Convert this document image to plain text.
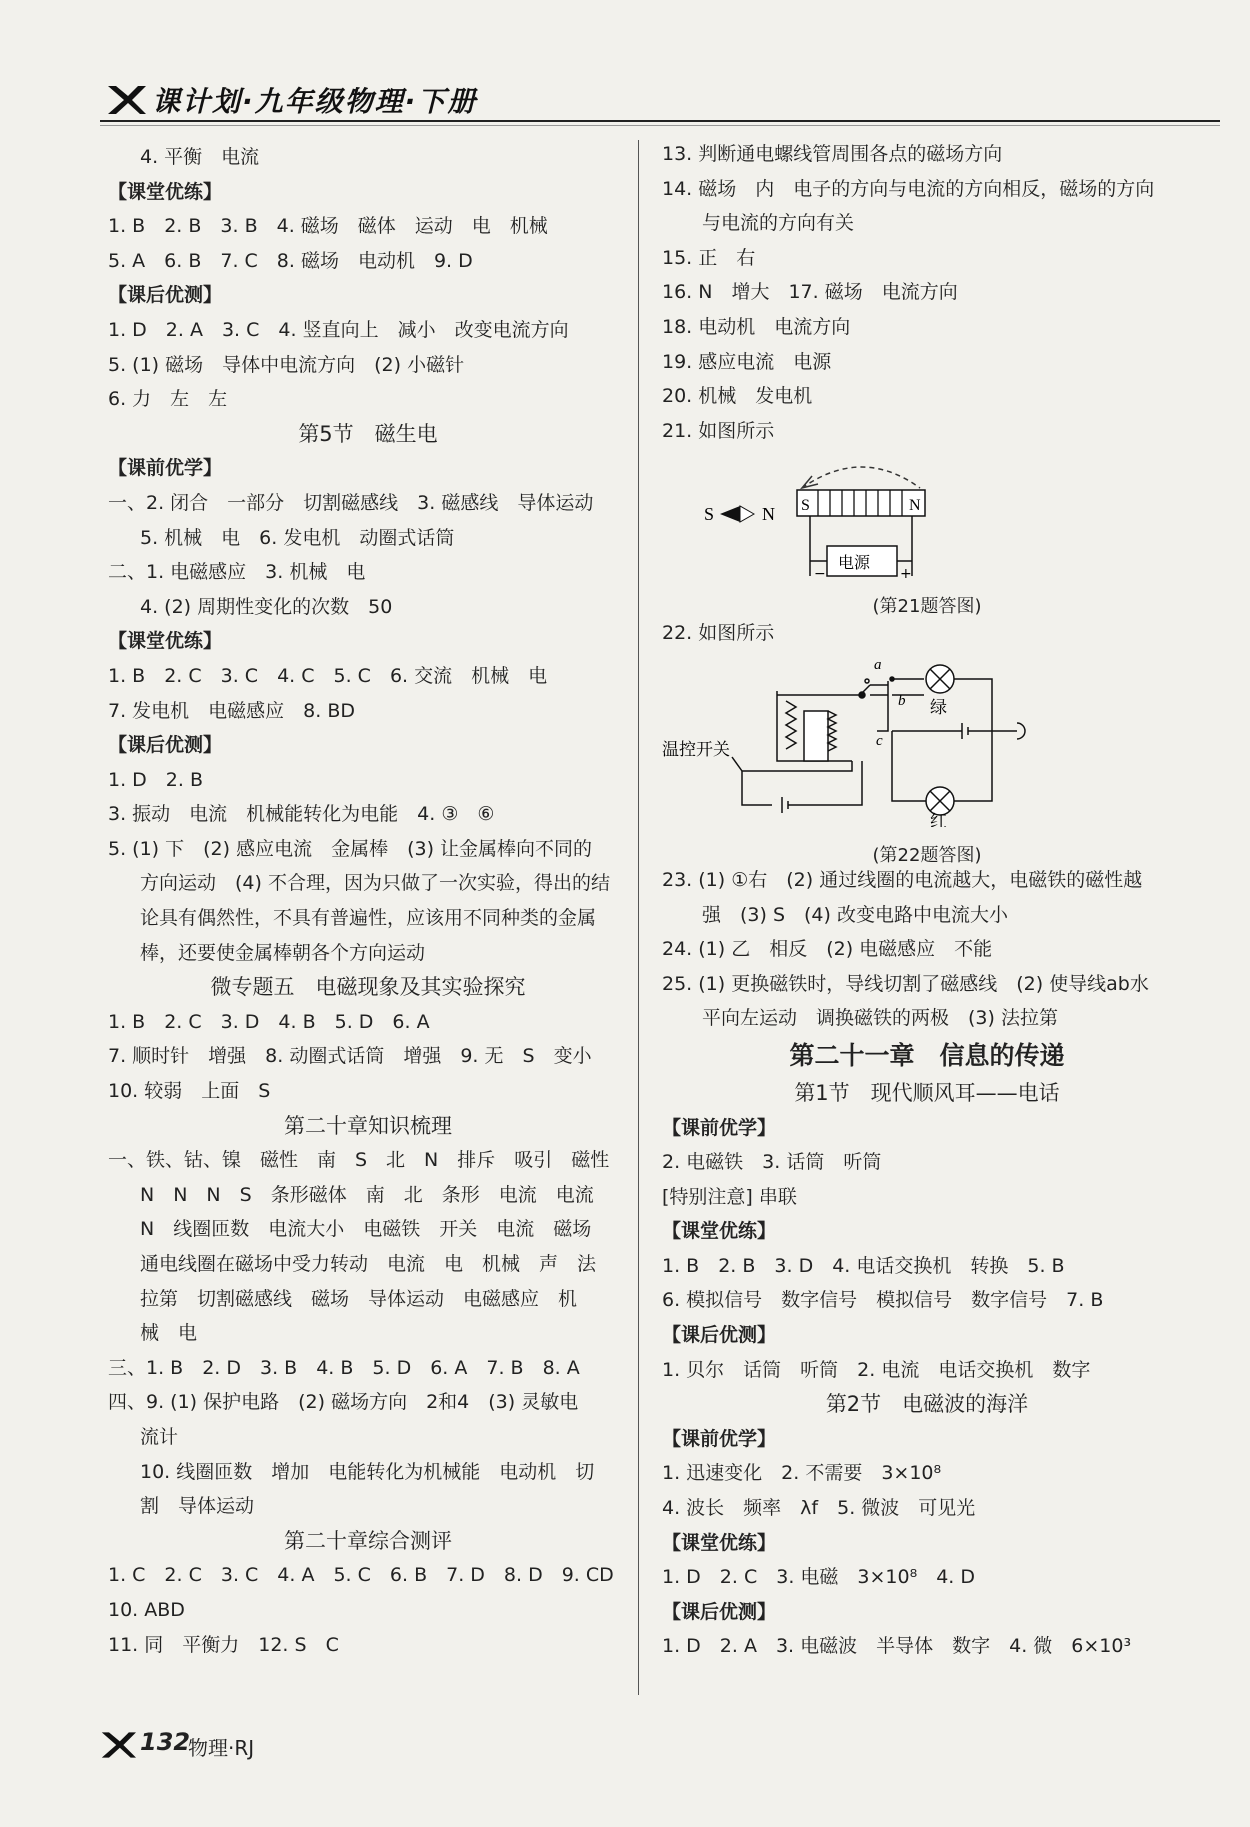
课计划·九年级物理·下册
4. 平衡　电流
【课堂优练】
1. B　2. B　3. B　4. 磁场　磁体　运动　电　机械
5. A　6. B　7. C　8. 磁场　电动机　9. D
【课后优测】
1. D　2. A　3. C　4. 竖直向上　减小　改变电流方向
5. (1) 磁场　导体中电流方向　(2) 小磁针
6. 力　左　左
第5节　磁生电
【课前优学】
一、2. 闭合　一部分　切割磁感线　3. 磁感线　导体运动
5. 机械　电　6. 发电机　动圈式话筒
二、1. 电磁感应　3. 机械　电
4. (2) 周期性变化的次数　50
【课堂优练】
1. B　2. C　3. C　4. C　5. C　6. 交流　机械　电
7. 发电机　电磁感应　8. BD
【课后优测】
1. D　2. B
3. 振动　电流　机械能转化为电能　4. ③　⑥
5. (1) 下　(2) 感应电流　金属棒　(3) 让金属棒向不同的
方向运动　(4) 不合理，因为只做了一次实验，得出的结
论具有偶然性，不具有普遍性，应该用不同种类的金属
棒，还要使金属棒朝各个方向运动
微专题五　电磁现象及其实验探究
1. B　2. C　3. D　4. B　5. D　6. A
7. 顺时针　增强　8. 动圈式话筒　增强　9. 无　S　变小
10. 较弱　上面　S
第二十章知识梳理
一、铁、钴、镍　磁性　南　S　北　N　排斥　吸引　磁性
N　N　N　S　条形磁体　南　北　条形　电流　电流
N　线圈匝数　电流大小　电磁铁　开关　电流　磁场
通电线圈在磁场中受力转动　电流　电　机械　声　法
拉第　切割磁感线　磁场　导体运动　电磁感应　机
械　电
三、1. B　2. D　3. B　4. B　5. D　6. A　7. B　8. A
四、9. (1) 保护电路　(2) 磁场方向　2和4　(3) 灵敏电
流计
10. 线圈匝数　增加　电能转化为机械能　电动机　切
割　导体运动
第二十章综合测评
1. C　2. C　3. C　4. A　5. C　6. B　7. D　8. D　9. CD
10. ABD
11. 同　平衡力　12. S　C
13. 判断通电螺线管周围各点的磁场方向
14. 磁场　内　电子的方向与电流的方向相反，磁场的方向
与电流的方向有关
15. 正　右
16. N　增大　17. 磁场　电流方向
18. 电动机　电流方向
19. 感应电流　电源
20. 机械　发电机
21. 如图所示
S	N S	N
电源
−	+
(第21题答图)
22. 如图所示
a
b
c
绿
红
温控开关
(第22题答图)
23. (1) ①右　(2) 通过线圈的电流越大，电磁铁的磁性越
强　(3) S　(4) 改变电路中电流大小
24. (1) 乙　相反　(2) 电磁感应　不能
25. (1) 更换磁铁时，导线切割了磁感线　(2) 使导线ab水
平向左运动　调换磁铁的两极　(3) 法拉第
第二十一章　信息的传递
第1节　现代顺风耳——电话
【课前优学】
2. 电磁铁　3. 话筒　听筒
[特别注意] 串联
【课堂优练】
1. B　2. B　3. D　4. 电话交换机　转换　5. B
6. 模拟信号　数字信号　模拟信号　数字信号　7. B
【课后优测】
1. 贝尔　话筒　听筒　2. 电流　电话交换机　数字
第2节　电磁波的海洋
【课前优学】
1. 迅速变化　2. 不需要　3×10⁸
4. 波长　频率　λf　5. 微波　可见光
【课堂优练】
1. D　2. C　3. 电磁　3×10⁸　4. D
【课后优测】
1. D　2. A　3. 电磁波　半导体　数字　4. 微　6×10³
132
物理·RJ
